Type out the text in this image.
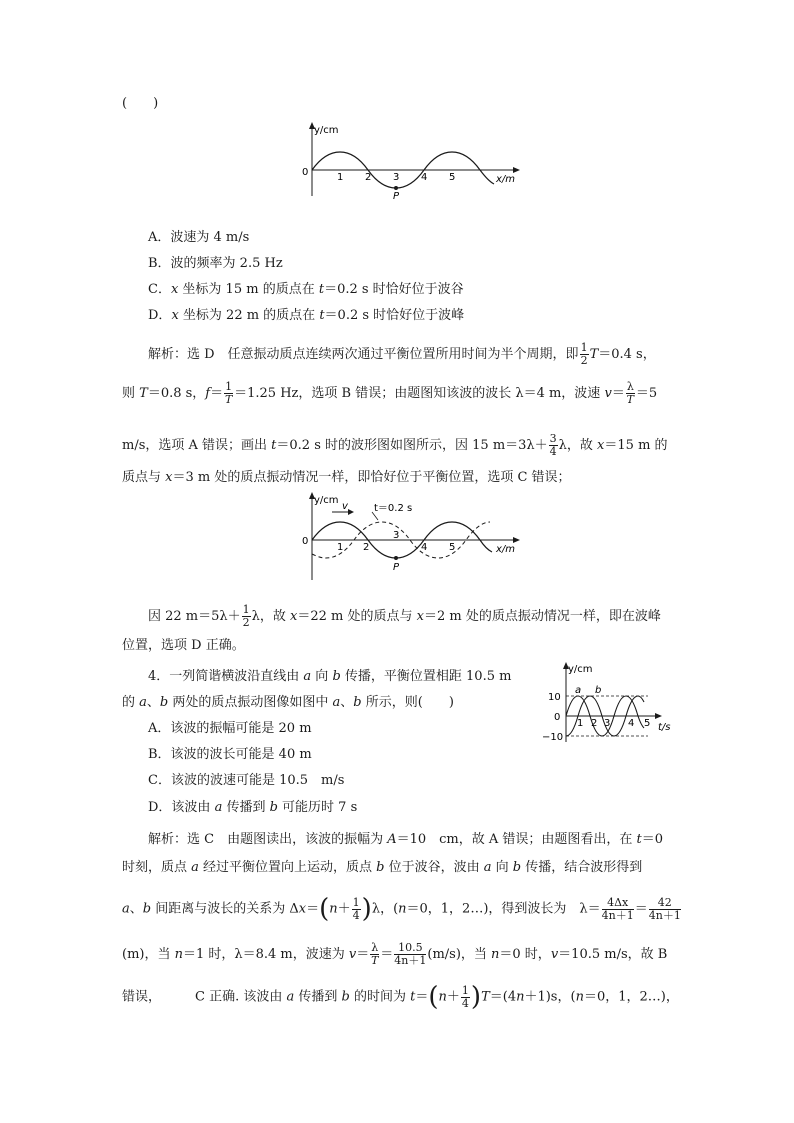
(　　)
y/cm
0	1 2 3 4 5	x/m
P
A．波速为 4 m/s
B．波的频率为 2.5 Hz
C．x 坐标为 15 m 的质点在 t＝0.2 s 时恰好位于波谷
D．x 坐标为 22 m 的质点在 t＝0.2 s 时恰好位于波峰
解析：选 D　任意振动质点连续两次通过平衡位置所用时间为半个周期，即 $\frac{1}{2} T=0.4$ s，
则 T＝0.8 s，$f= \frac{1}{T} =1.25$ Hz，选项 B 错误；由题图知该波的波长 λ＝4 m，波速 $v= \frac{\lambda}{T} =5$
m/s，选项 A 错误；画出 t＝0.2 s 时的波形图如图所示，因 15 $m=3\lambda+ \frac{3}{4}$ λ，故 x＝15 m 的
质点与 x＝3 m 处的质点振动情况一样，即恰好位于平衡位置，选项 C 错误；
y/cm
v	t＝0.2 s
0
1 2
3
4 5	x/m
P
因 22 $m=5\lambda+ \frac{1}{2}$ λ，故 x＝22 m 处的质点与 x＝2 m 处的质点振动情况一样，即在波峰
位置，选项 D 正确。
4．一列简谐横波沿直线由 a 向 b 传播，平衡位置相距 10.5 m
的 a、b 两处的质点振动图像如图中 a、b 所示，则(　　)
A．该波的振幅可能是 20 m
B．该波的波长可能是 40 m
C．该波的波速可能是 10.5　m/s
D．该波由 a 传播到 b 可能历时 7 s
y/cm
10
0
−10
a b
1 2 3 4 5 t/s
解析：选 C　由题图读出，该波的振幅为 A＝10　cm，故 A 错误；由题图看出，在 t＝0
时刻，质点 a 经过平衡位置向上运动，质点 b 位于波谷，波由 a 向 b 传播，结合波形得到
a、b 间距离与波长的关系为 $\Delta x=(n+ \frac{1}{4} )\lambda$，(n＝0，1，2…)，得到波长为　$\lambda= \frac{4\Delta x}{4n+1} = \frac{42}{4n+1}$
(m)，当 n＝1 时，λ＝8.4 m，波速为 $v= \frac{\lambda}{T} = \frac{10.5}{4n+1} (m/s)$，当 n＝0 时，v＝10.5 m/s，故 B
错误，	C 正确. 该波由 a 传播到 b 的时间为 $t=(n+ \frac{1}{4} )T=(4n+1)s$，(n＝0，1，2…)，
